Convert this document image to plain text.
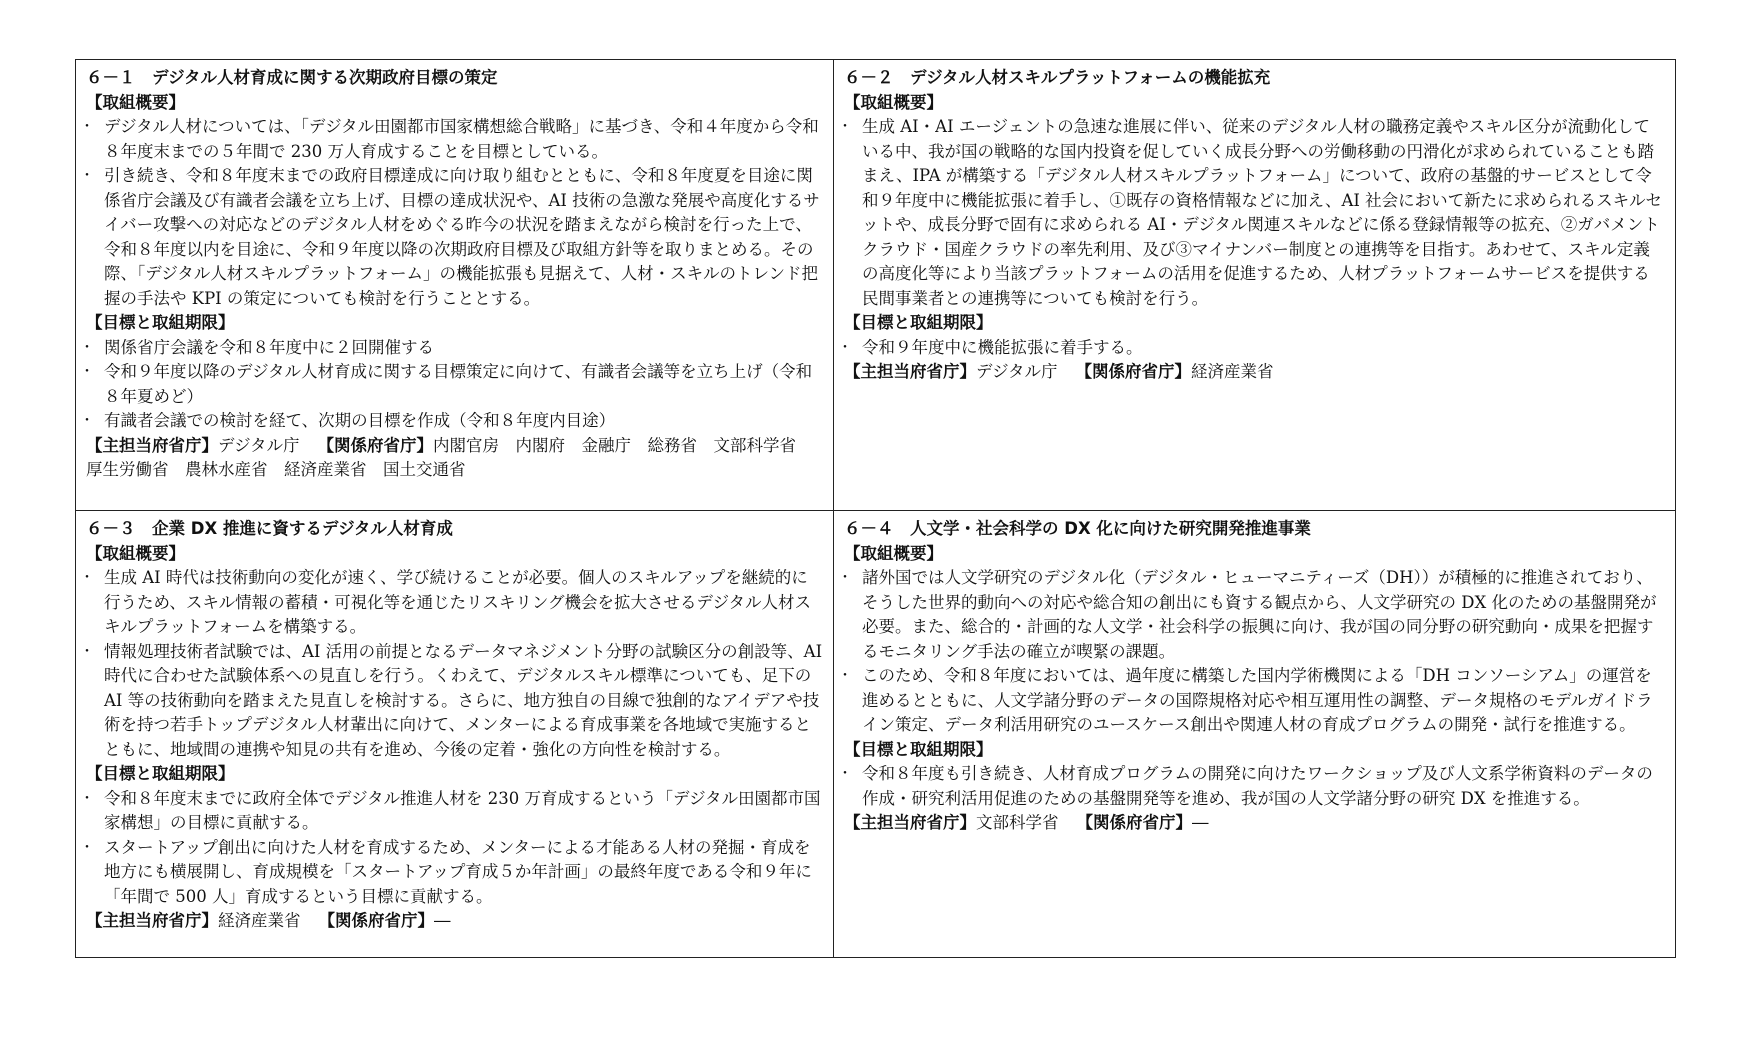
６－１　デジタル人材育成に関する次期政府目標の策定
【取組概要】
・ デジタル人材については、「デジタル田園都市国家構想総合戦略」に基づき、令和４年度から令和８年度末までの５年間で 230 万人育成することを目標としている。
・ 引き続き、令和８年度末までの政府目標達成に向け取り組むとともに、令和８年度夏を目途に関係省庁会議及び有識者会議を立ち上げ、目標の達成状況や、AI 技術の急激な発展や高度化するサイバー攻撃への対応などのデジタル人材をめぐる昨今の状況を踏まえながら検討を行った上で、令和８年度以内を目途に、令和９年度以降の次期政府目標及び取組方針等を取りまとめる。その際、「デジタル人材スキルプラットフォーム」の機能拡張も見据えて、人材・スキルのトレンド把握の手法や KPI の策定についても検討を行うこととする。
【目標と取組期限】
・ 関係省庁会議を令和８年度中に２回開催する
・ 令和９年度以降のデジタル人材育成に関する目標策定に向けて、有識者会議等を立ち上げ（令和８年夏めど）
・ 有識者会議での検討を経て、次期の目標を作成（令和８年度内目途）
【主担当府省庁】デジタル庁 【関係府省庁】内閣官房　内閣府　金融庁　総務省　文部科学省　厚生労働省　農林水産省　経済産業省　国土交通省
６－２　デジタル人材スキルプラットフォームの機能拡充
【取組概要】
・ 生成 AI・AI エージェントの急速な進展に伴い、従来のデジタル人材の職務定義やスキル区分が流動化している中、我が国の戦略的な国内投資を促していく成長分野への労働移動の円滑化が求められていることも踏まえ、IPA が構築する「デジタル人材スキルプラットフォーム」について、政府の基盤的サービスとして令和９年度中に機能拡張に着手し、①既存の資格情報などに加え、AI 社会において新たに求められるスキルセットや、成長分野で固有に求められる AI・デジタル関連スキルなどに係る登録情報等の拡充、②ガバメントクラウド・国産クラウドの率先利用、及び③マイナンバー制度との連携等を目指す。あわせて、スキル定義の高度化等により当該プラットフォームの活用を促進するため、人材プラットフォームサービスを提供する民間事業者との連携等についても検討を行う。
【目標と取組期限】
・ 令和９年度中に機能拡張に着手する。
【主担当府省庁】デジタル庁 【関係府省庁】経済産業省
６－３　企業 DX 推進に資するデジタル人材育成
【取組概要】
・ 生成 AI 時代は技術動向の変化が速く、学び続けることが必要。個人のスキルアップを継続的に行うため、スキル情報の蓄積・可視化等を通じたリスキリング機会を拡大させるデジタル人材スキルプラットフォームを構築する。
・ 情報処理技術者試験では、AI 活用の前提となるデータマネジメント分野の試験区分の創設等、AI 時代に合わせた試験体系への見直しを行う。くわえて、デジタルスキル標準についても、足下の AI 等の技術動向を踏まえた見直しを検討する。さらに、地方独自の目線で独創的なアイデアや技術を持つ若手トップデジタル人材輩出に向けて、メンターによる育成事業を各地域で実施するとともに、地域間の連携や知見の共有を進め、今後の定着・強化の方向性を検討する。
【目標と取組期限】
・ 令和８年度末までに政府全体でデジタル推進人材を 230 万育成するという「デジタル田園都市国家構想」の目標に貢献する。
・ スタートアップ創出に向けた人材を育成するため、メンターによる才能ある人材の発掘・育成を地方にも横展開し、育成規模を「スタートアップ育成５か年計画」の最終年度である令和９年に「年間で 500 人」育成するという目標に貢献する。
【主担当府省庁】経済産業省 【関係府省庁】―
６－４　人文学・社会科学の DX 化に向けた研究開発推進事業
【取組概要】
・ 諸外国では人文学研究のデジタル化（デジタル・ヒューマニティーズ（DH））が積極的に推進されており、そうした世界的動向への対応や総合知の創出にも資する観点から、人文学研究の DX 化のための基盤開発が必要。また、総合的・計画的な人文学・社会科学の振興に向け、我が国の同分野の研究動向・成果を把握するモニタリング手法の確立が喫緊の課題。
・ このため、令和８年度においては、過年度に構築した国内学術機関による「DH コンソーシアム」の運営を進めるとともに、人文学諸分野のデータの国際規格対応や相互運用性の調整、データ規格のモデルガイドライン策定、データ利活用研究のユースケース創出や関連人材の育成プログラムの開発・試行を推進する。
【目標と取組期限】
・ 令和８年度も引き続き、人材育成プログラムの開発に向けたワークショップ及び人文系学術資料のデータの作成・研究利活用促進のための基盤開発等を進め、我が国の人文学諸分野の研究 DX を推進する。
【主担当府省庁】文部科学省 【関係府省庁】―
